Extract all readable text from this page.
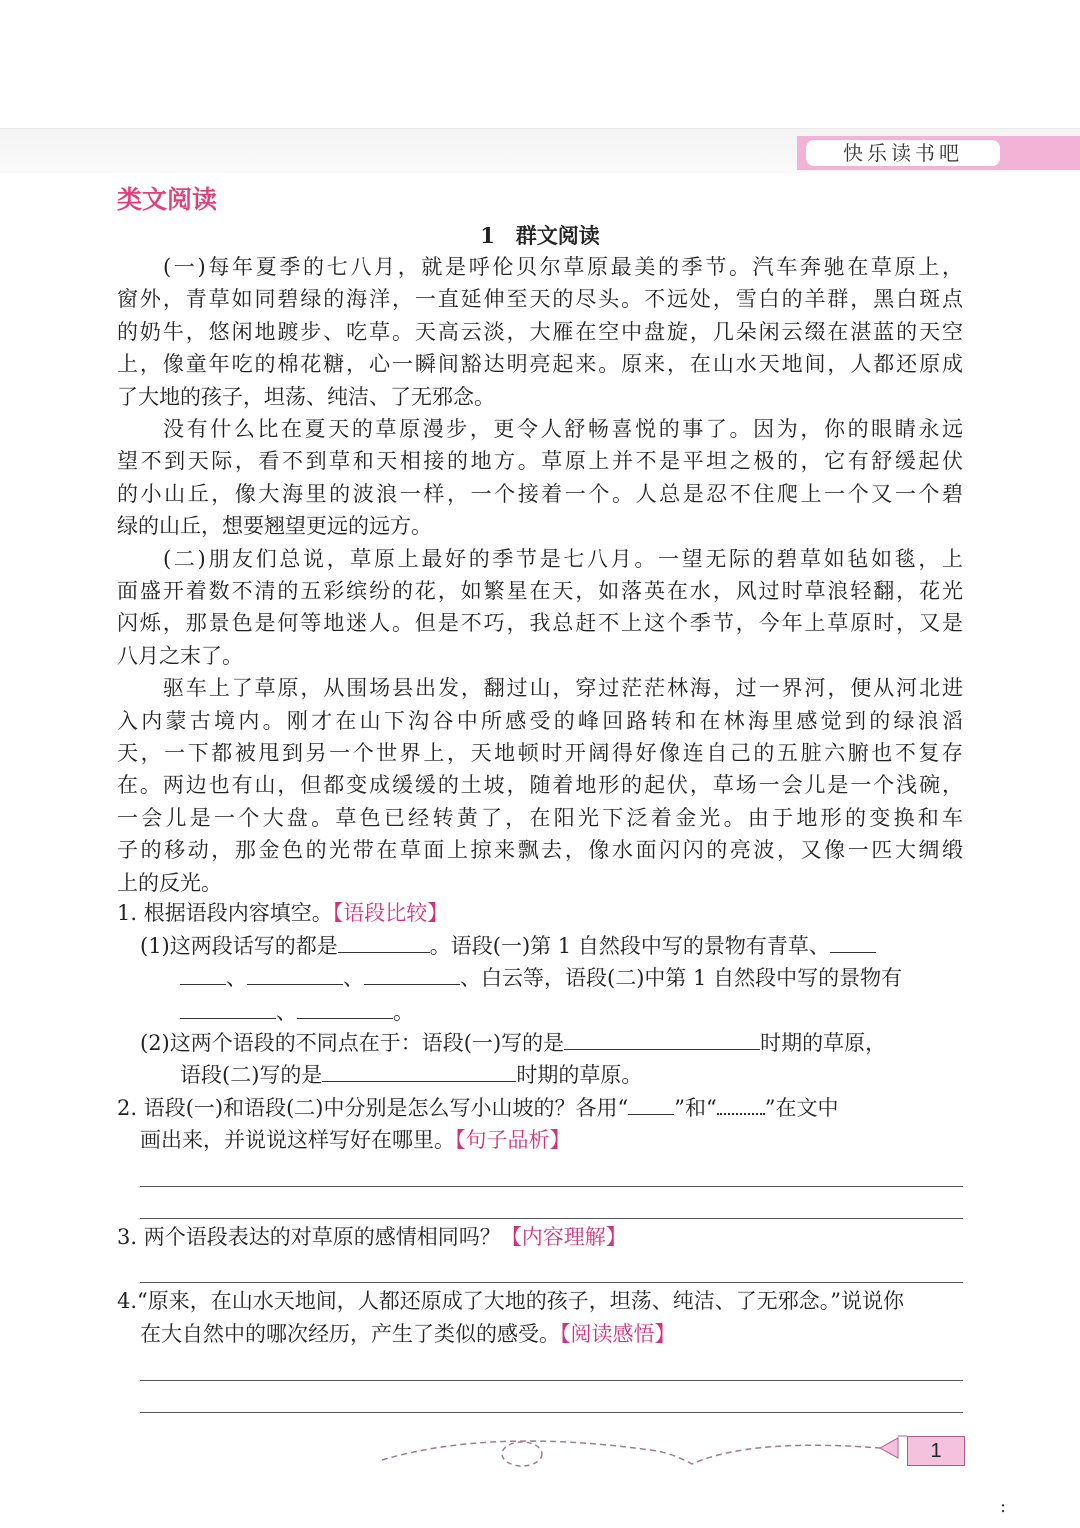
快乐读书吧
类文阅读
1　群文阅读
(一)每年夏季的七八月，就是呼伦贝尔草原最美的季节。汽车奔驰在草原上，
窗外，青草如同碧绿的海洋，一直延伸至天的尽头。不远处，雪白的羊群，黑白斑点
的奶牛，悠闲地踱步、吃草。天高云淡，大雁在空中盘旋，几朵闲云缀在湛蓝的天空
上，像童年吃的棉花糖，心一瞬间豁达明亮起来。原来，在山水天地间，人都还原成
了大地的孩子，坦荡、纯洁、了无邪念。
没有什么比在夏天的草原漫步，更令人舒畅喜悦的事了。因为，你的眼睛永远
望不到天际，看不到草和天相接的地方。草原上并不是平坦之极的，它有舒缓起伏
的小山丘，像大海里的波浪一样，一个接着一个。人总是忍不住爬上一个又一个碧
绿的山丘，想要翘望更远的远方。
(二)朋友们总说，草原上最好的季节是七八月。一望无际的碧草如毡如毯，上
面盛开着数不清的五彩缤纷的花，如繁星在天，如落英在水，风过时草浪轻翻，花光
闪烁，那景色是何等地迷人。但是不巧，我总赶不上这个季节，今年上草原时，又是
八月之末了。
驱车上了草原，从围场县出发，翻过山，穿过茫茫林海，过一界河，便从河北进
入内蒙古境内。刚才在山下沟谷中所感受的峰回路转和在林海里感觉到的绿浪滔
天，一下都被甩到另一个世界上，天地顿时开阔得好像连自己的五脏六腑也不复存
在。两边也有山，但都变成缓缓的土坡，随着地形的起伏，草场一会儿是一个浅碗，
一会儿是一个大盘。草色已经转黄了，在阳光下泛着金光。由于地形的变换和车
子的移动，那金色的光带在草面上掠来飘去，像水面闪闪的亮波，又像一匹大绸缎
上的反光。
1. 根据语段内容填空。【语段比较】
(1)这两段话写的都是	。语段(一)第 1 自然段中写的景物有青草、
、	、	、白云等，语段(二)中第 1 自然段中写的景物有
、	。
(2)这两个语段的不同点在于：语段(一)写的是	时期的草原，
语段(二)写的是	时期的草原。
2. 语段(一)和语段(二)中分别是怎么写小山坡的？各用“ ”和“ ”在文中
画出来，并说说这样写好在哪里。【句子品析】
3. 两个语段表达的对草原的感情相同吗？【内容理解】
4.“原来，在山水天地间，人都还原成了大地的孩子，坦荡、纯洁、了无邪念。”说说你
在大自然中的哪次经历，产生了类似的感受。【阅读感悟】
1
:
